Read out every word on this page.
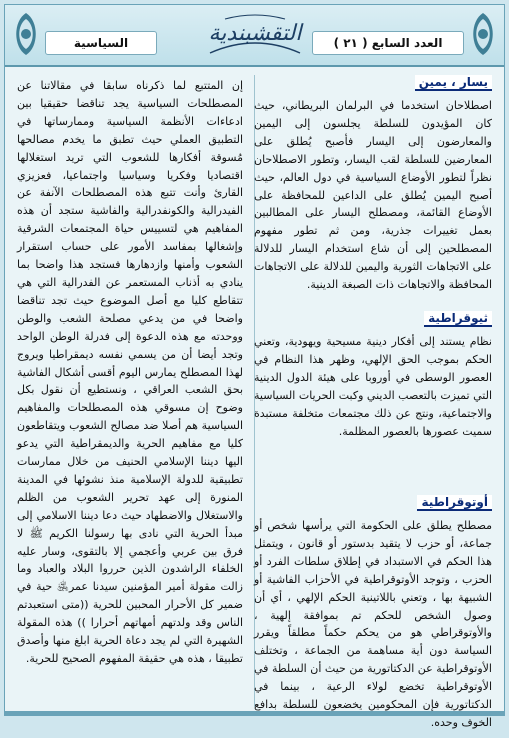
العدد السابع ( ٢١ )
السياسية	التقشبندية
يسار ، يمين

اصطلاحان استخدما في البرلمان البريطاني، حيث كان المؤيدون للسلطة يجلسون إلى اليمين والمعارضون إلى اليسار فأصبح يُطلق على المعارضين للسلطة لقب اليسار، وتطور الاصطلاحان نظراً لتطور الأوضاع السياسية في دول العالم، حيث أصبح اليمين يُطلق على الداعين للمحافظة على الأوضاع القائمة، ومصطلح اليسار على المطالبين بعمل تغييرات جذرية، ومن ثم تطور مفهوم المصطلحين إلى أن شاع استخدام اليسار للدلالة على الاتجاهات الثورية واليمين للدلالة على الاتجاهات المحافظة والاتجاهات ذات الصبغة الدينية.

ثيوقراطية

نظام يستند إلى أفكار دينية مسيحية ويهودية، وتعني الحكم بموجب الحق الإلهي، وظهر هذا النظام في العصور الوسطى في أوروبا على هيئة الدول الدينية التي تميزت بالتعصب الديني وكبت الحريات السياسية والاجتماعية، ونتج عن ذلك مجتمعات متخلفة مستبدة سميت عصورها بالعصور المظلمة.

أوتوقراطية

مصطلح يطلق على الحكومة التي يرأسها شخص أو جماعة، أو حزب لا يتقيد بدستور أو قانون ، ويتمثل هذا الحكم في الاستبداد في إطلاق سلطات الفرد أو الحزب ، وتوجد الأوتوقراطية في الأحزاب الفاشية أو الشبيهة بها ، وتعني باللاتينية الحكم الإلهي ، أي أن وصول الشخص للحكم تم بموافقة إلهية ، والأوتوقراطي هو من يحكم حكماً مطلقاً ويقرر السياسة دون أية مساهمة من الجماعة ، وتختلف الأوتوقراطية عن الدكتاتورية من حيث أن السلطة في الأوتوقراطية تخضع لولاء الرعية ، بينما في الدكتاتورية فإن المحكومين يخضعون للسلطة بدافع الخوف وحده.

إن المتتبع لما ذكرناه سابقا في مقالاتنا عن المصطلحات السياسية يجد تناقضا حقيقيا بين ادعاءات الأنظمة السياسية وممارساتها في التطبيق العملي حيث تطبق ما يخدم مصالحها مُسوقة أفكارها للشعوب التي تريد استغلالها اقتصاديا وفكريا وسياسيا واجتماعيا، فعزيزي القارئ وأنت تتبع هذه المصطلحات الآنفة عن الفيدرالية والكونفدرالية والفاشية ستجد أن هذه المفاهيم هي لتسييس حياة المجتمعات الشرقية وإشغالها بمفاسد الأمور على حساب استقرار الشعوب وأمنها وازدهارها فستجد هذا واضحا بما ينادي به أذناب المستعمر عن الفدرالية التي هي تتقاطع كليا مع أصل الموضوع حيث تجد تناقضا واضحا في من يدعي مصلحة الشعب والوطن ووحدته مع هذه الدعوة إلى فدرلة الوطن الواحد وتجد أيضا أن من يسمي نفسه ديمقراطيا ويروج لهذا المصطلح يمارس اليوم أقسى أشكال الفاشية بحق الشعب العراقي ، ونستطيع أن نقول بكل وضوح إن مسوقي هذه المصطلحات والمفاهيم السياسية هم أصلا ضد مصالح الشعوب ويتقاطعون كليا مع مفاهيم الحرية والديمقراطية التي يدعو اليها ديننا الإسلامي الحنيف من خلال ممارسات تطبيقية للدولة الإسلامية منذ نشوئها في المدينة المنورة إلى عهد تحرير الشعوب من الظلم والاستغلال والاضطهاد حيث دعا ديننا الاسلامي إلى مبدأ الحرية التي نادى بها رسولنا الكريم ﷺ لا فرق بين عربي وأعجمي إلا بالتقوى، وسار عليه الخلفاء الراشدون الذين حرروا البلاد والعباد وما زالت مقولة أمير المؤمنين سيدنا عمر﵁ حية في ضمير كل الأحرار المحبين للحرية ((متى استعبدتم الناس وقد ولدتهم أمهاتهم أحرارا )) هذه المقولة الشهيرة التي لم يجد دعاة الحرية ابلغ منها وأصدق تطبيقا ، هذه هي حقيقة المفهوم الصحيح للحرية.
